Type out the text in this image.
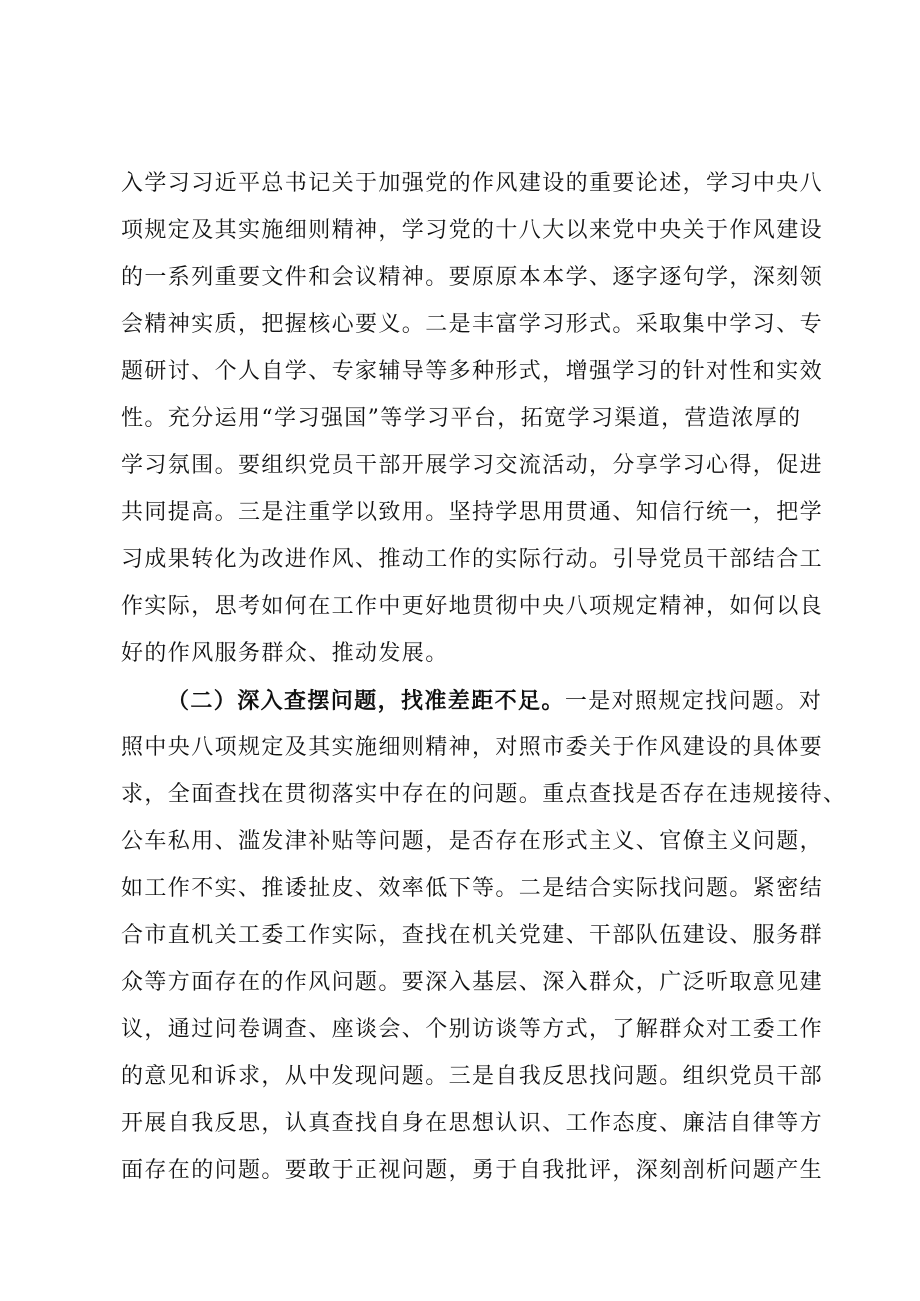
入学习习近平总书记关于加强党的作风建设的重要论述，学习中央八
项规定及其实施细则精神，学习党的十八大以来党中央关于作风建设
的一系列重要文件和会议精神。要原原本本学、逐字逐句学，深刻领
会精神实质，把握核心要义。二是丰富学习形式。采取集中学习、专
题研讨、个人自学、专家辅导等多种形式，增强学习的针对性和实效
性。充分运用“学习强国”等学习平台，拓宽学习渠道，营造浓厚的
学习氛围。要组织党员干部开展学习交流活动，分享学习心得，促进
共同提高。三是注重学以致用。坚持学思用贯通、知信行统一，把学
习成果转化为改进作风、推动工作的实际行动。引导党员干部结合工
作实际，思考如何在工作中更好地贯彻中央八项规定精神，如何以良
好的作风服务群众、推动发展。
（二）深入查摆问题，找准差距不足。一是对照规定找问题。对
照中央八项规定及其实施细则精神，对照市委关于作风建设的具体要
求，全面查找在贯彻落实中存在的问题。重点查找是否存在违规接待、
公车私用、滥发津补贴等问题，是否存在形式主义、官僚主义问题，
如工作不实、推诿扯皮、效率低下等。二是结合实际找问题。紧密结
合市直机关工委工作实际，查找在机关党建、干部队伍建设、服务群
众等方面存在的作风问题。要深入基层、深入群众，广泛听取意见建
议，通过问卷调查、座谈会、个别访谈等方式，了解群众对工委工作
的意见和诉求，从中发现问题。三是自我反思找问题。组织党员干部
开展自我反思，认真查找自身在思想认识、工作态度、廉洁自律等方
面存在的问题。要敢于正视问题，勇于自我批评，深刻剖析问题产生
